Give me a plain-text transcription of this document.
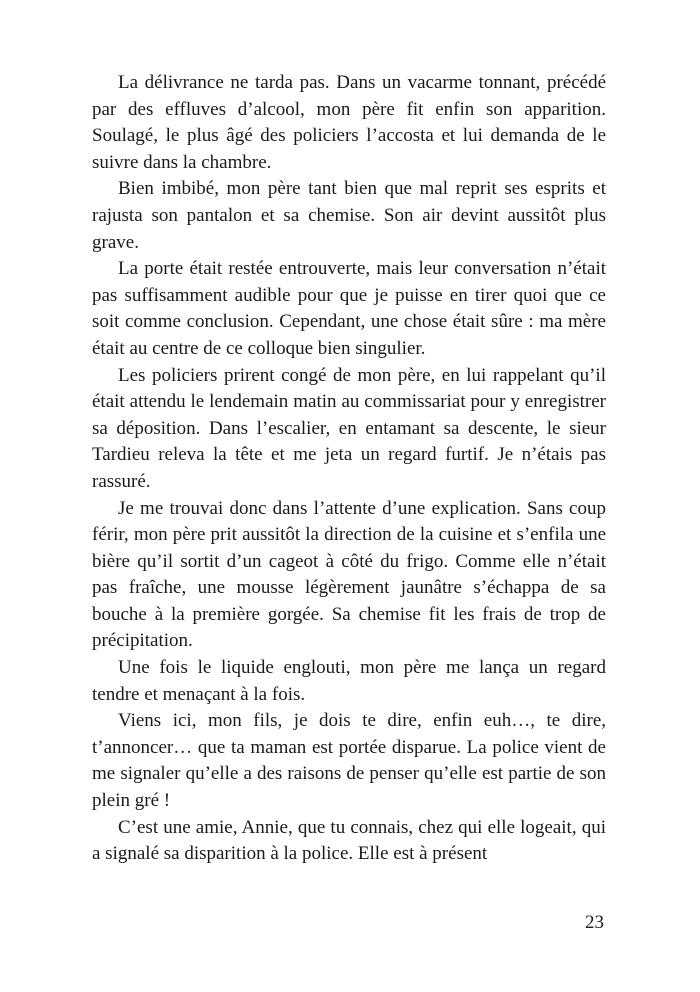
La délivrance ne tarda pas. Dans un vacarme tonnant, précédé par des effluves d’alcool, mon père fit enfin son apparition. Soulagé, le plus âgé des policiers l’accosta et lui demanda de le suivre dans la chambre.

Bien imbibé, mon père tant bien que mal reprit ses esprits et rajusta son pantalon et sa chemise. Son air devint aussitôt plus grave.

La porte était restée entrouverte, mais leur conversation n’était pas suffisamment audible pour que je puisse en tirer quoi que ce soit comme conclusion. Cependant, une chose était sûre : ma mère était au centre de ce colloque bien singulier.

Les policiers prirent congé de mon père, en lui rappelant qu’il était attendu le lendemain matin au commissariat pour y enregistrer sa déposition. Dans l’escalier, en entamant sa descente, le sieur Tardieu releva la tête et me jeta un regard furtif. Je n’étais pas rassuré.

Je me trouvai donc dans l’attente d’une explication. Sans coup férir, mon père prit aussitôt la direction de la cuisine et s’enfila une bière qu’il sortit d’un cageot à côté du frigo. Comme elle n’était pas fraîche, une mousse légèrement jaunâtre s’échappa de sa bouche à la première gorgée. Sa chemise fit les frais de trop de précipitation.

Une fois le liquide englouti, mon père me lança un regard tendre et menaçant à la fois.

Viens ici, mon fils, je dois te dire, enfin euh…, te dire, t’annoncer… que ta maman est portée disparue. La police vient de me signaler qu’elle a des raisons de penser qu’elle est partie de son plein gré !

C’est une amie, Annie, que tu connais, chez qui elle logeait, qui a signalé sa disparition à la police. Elle est à présent

23
